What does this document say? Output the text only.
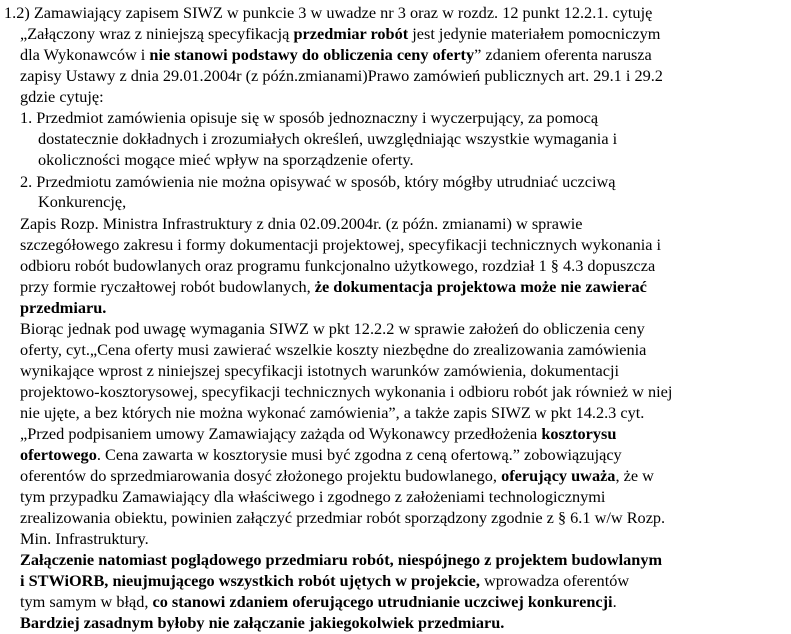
1.2) Zamawiający zapisem SIWZ w punkcie 3 w uwadze nr 3 oraz w rozdz. 12 punkt 12.2.1. cytuję
„Załączony wraz z niniejszą specyfikacją przedmiar robót jest jedynie materiałem pomocniczym
dla Wykonawców i nie stanowi podstawy do obliczenia ceny oferty” zdaniem oferenta narusza
zapisy Ustawy z dnia 29.01.2004r (z późn.zmianami)Prawo zamówień publicznych art. 29.1 i 29.2
gdzie cytuję:
1. Przedmiot zamówienia opisuje się w sposób jednoznaczny i wyczerpujący, za pomocą
dostatecznie dokładnych i zrozumiałych określeń, uwzględniając wszystkie wymagania i
okoliczności mogące mieć wpływ na sporządzenie oferty.
2. Przedmiotu zamówienia nie można opisywać w sposób, który mógłby utrudniać uczciwą
Konkurencję,
Zapis Rozp. Ministra Infrastruktury z dnia 02.09.2004r. (z późn. zmianami) w sprawie
szczegółowego zakresu i formy dokumentacji projektowej, specyfikacji technicznych wykonania i
odbioru robót budowlanych oraz programu funkcjonalno użytkowego, rozdział 1 § 4.3 dopuszcza
przy formie ryczałtowej robót budowlanych, że dokumentacja projektowa może nie zawierać
przedmiaru.
Biorąc jednak pod uwagę wymagania SIWZ w pkt 12.2.2 w sprawie założeń do obliczenia ceny
oferty, cyt.„Cena oferty musi zawierać wszelkie koszty niezbędne do zrealizowania zamówienia
wynikające wprost z niniejszej specyfikacji istotnych warunków zamówienia, dokumentacji
projektowo-kosztorysowej, specyfikacji technicznych wykonania i odbioru robót jak również w niej
nie ujęte, a bez których nie można wykonać zamówienia”, a także zapis SIWZ w pkt 14.2.3 cyt.
„Przed podpisaniem umowy Zamawiający zażąda od Wykonawcy przedłożenia kosztorysu
ofertowego. Cena zawarta w kosztorysie musi być zgodna z ceną ofertową.” zobowiązujący
oferentów do sprzedmiarowania dosyć złożonego projektu budowlanego, oferujący uważa, że w
tym przypadku Zamawiający dla właściwego i zgodnego z założeniami technologicznymi
zrealizowania obiektu, powinien załączyć przedmiar robót sporządzony zgodnie z § 6.1 w/w Rozp.
Min. Infrastruktury.
Załączenie natomiast poglądowego przedmiaru robót, niespójnego z projektem budowlanym
i STWiORB, nieujmującego wszystkich robót ujętych w projekcie, wprowadza oferentów
tym samym w błąd, co stanowi zdaniem oferującego utrudnianie uczciwej konkurencji.
Bardziej zasadnym byłoby nie załączanie jakiegokolwiek przedmiaru.
